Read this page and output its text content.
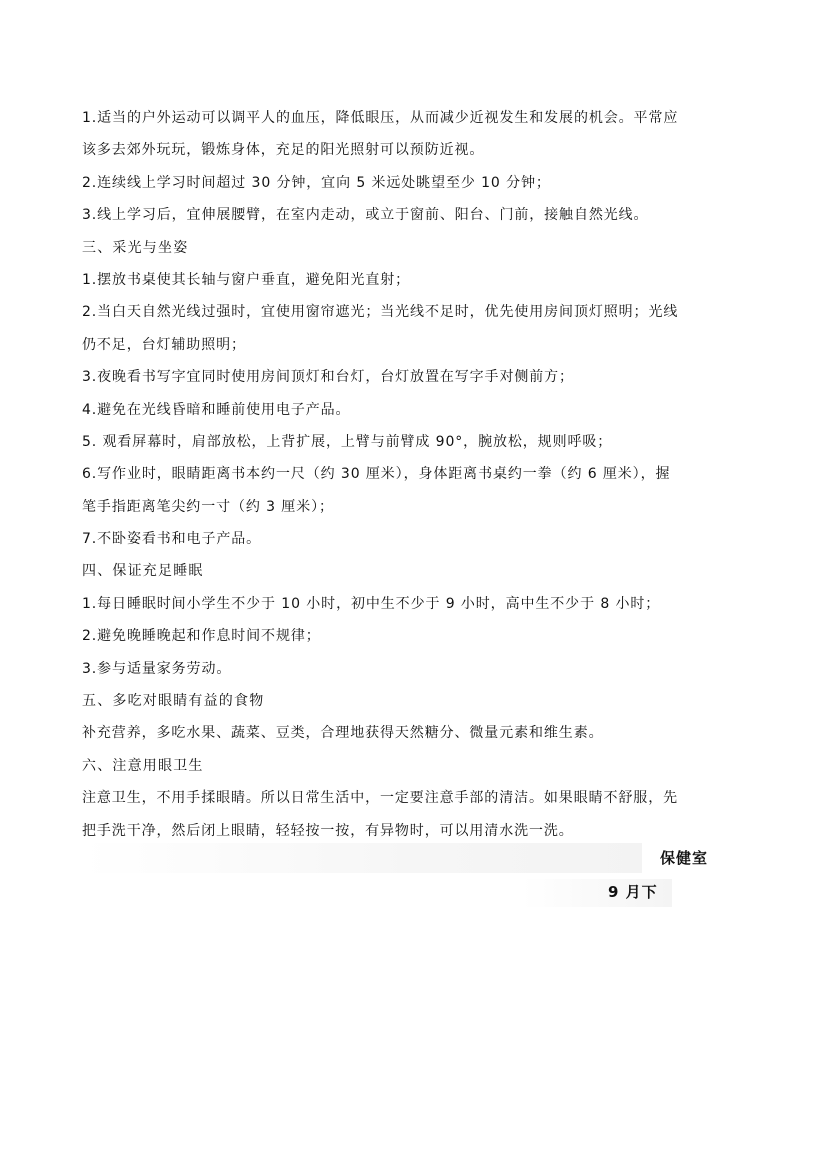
1.适当的户外运动可以调平人的血压，降低眼压，从而减少近视发生和发展的机会。平常应
该多去郊外玩玩，锻炼身体，充足的阳光照射可以预防近视。
2.连续线上学习时间超过 30 分钟，宜向 5 米远处眺望至少 10 分钟；
3.线上学习后，宜伸展腰臂，在室内走动，或立于窗前、阳台、门前，接触自然光线。
三、采光与坐姿
1.摆放书桌使其长轴与窗户垂直，避免阳光直射；
2.当白天自然光线过强时，宜使用窗帘遮光；当光线不足时，优先使用房间顶灯照明；光线
仍不足，台灯辅助照明；
3.夜晚看书写字宜同时使用房间顶灯和台灯，台灯放置在写字手对侧前方；
4.避免在光线昏暗和睡前使用电子产品。
5. 观看屏幕时，肩部放松，上背扩展，上臂与前臂成 90°，腕放松，规则呼吸；
6.写作业时，眼睛距离书本约一尺（约 30 厘米），身体距离书桌约一拳（约 6 厘米），握
笔手指距离笔尖约一寸（约 3 厘米）；
7.不卧姿看书和电子产品。
四、保证充足睡眠
1.每日睡眠时间小学生不少于 10 小时，初中生不少于 9 小时，高中生不少于 8 小时；
2.避免晚睡晚起和作息时间不规律；
3.参与适量家务劳动。
五、多吃对眼睛有益的食物
补充营养，多吃水果、蔬菜、豆类，合理地获得天然糖分、微量元素和维生素。
六、注意用眼卫生
注意卫生，不用手揉眼睛。所以日常生活中，一定要注意手部的清洁。如果眼睛不舒服，先
把手洗干净，然后闭上眼睛，轻轻按一按，有异物时，可以用清水洗一洗。
保健室
9 月下
